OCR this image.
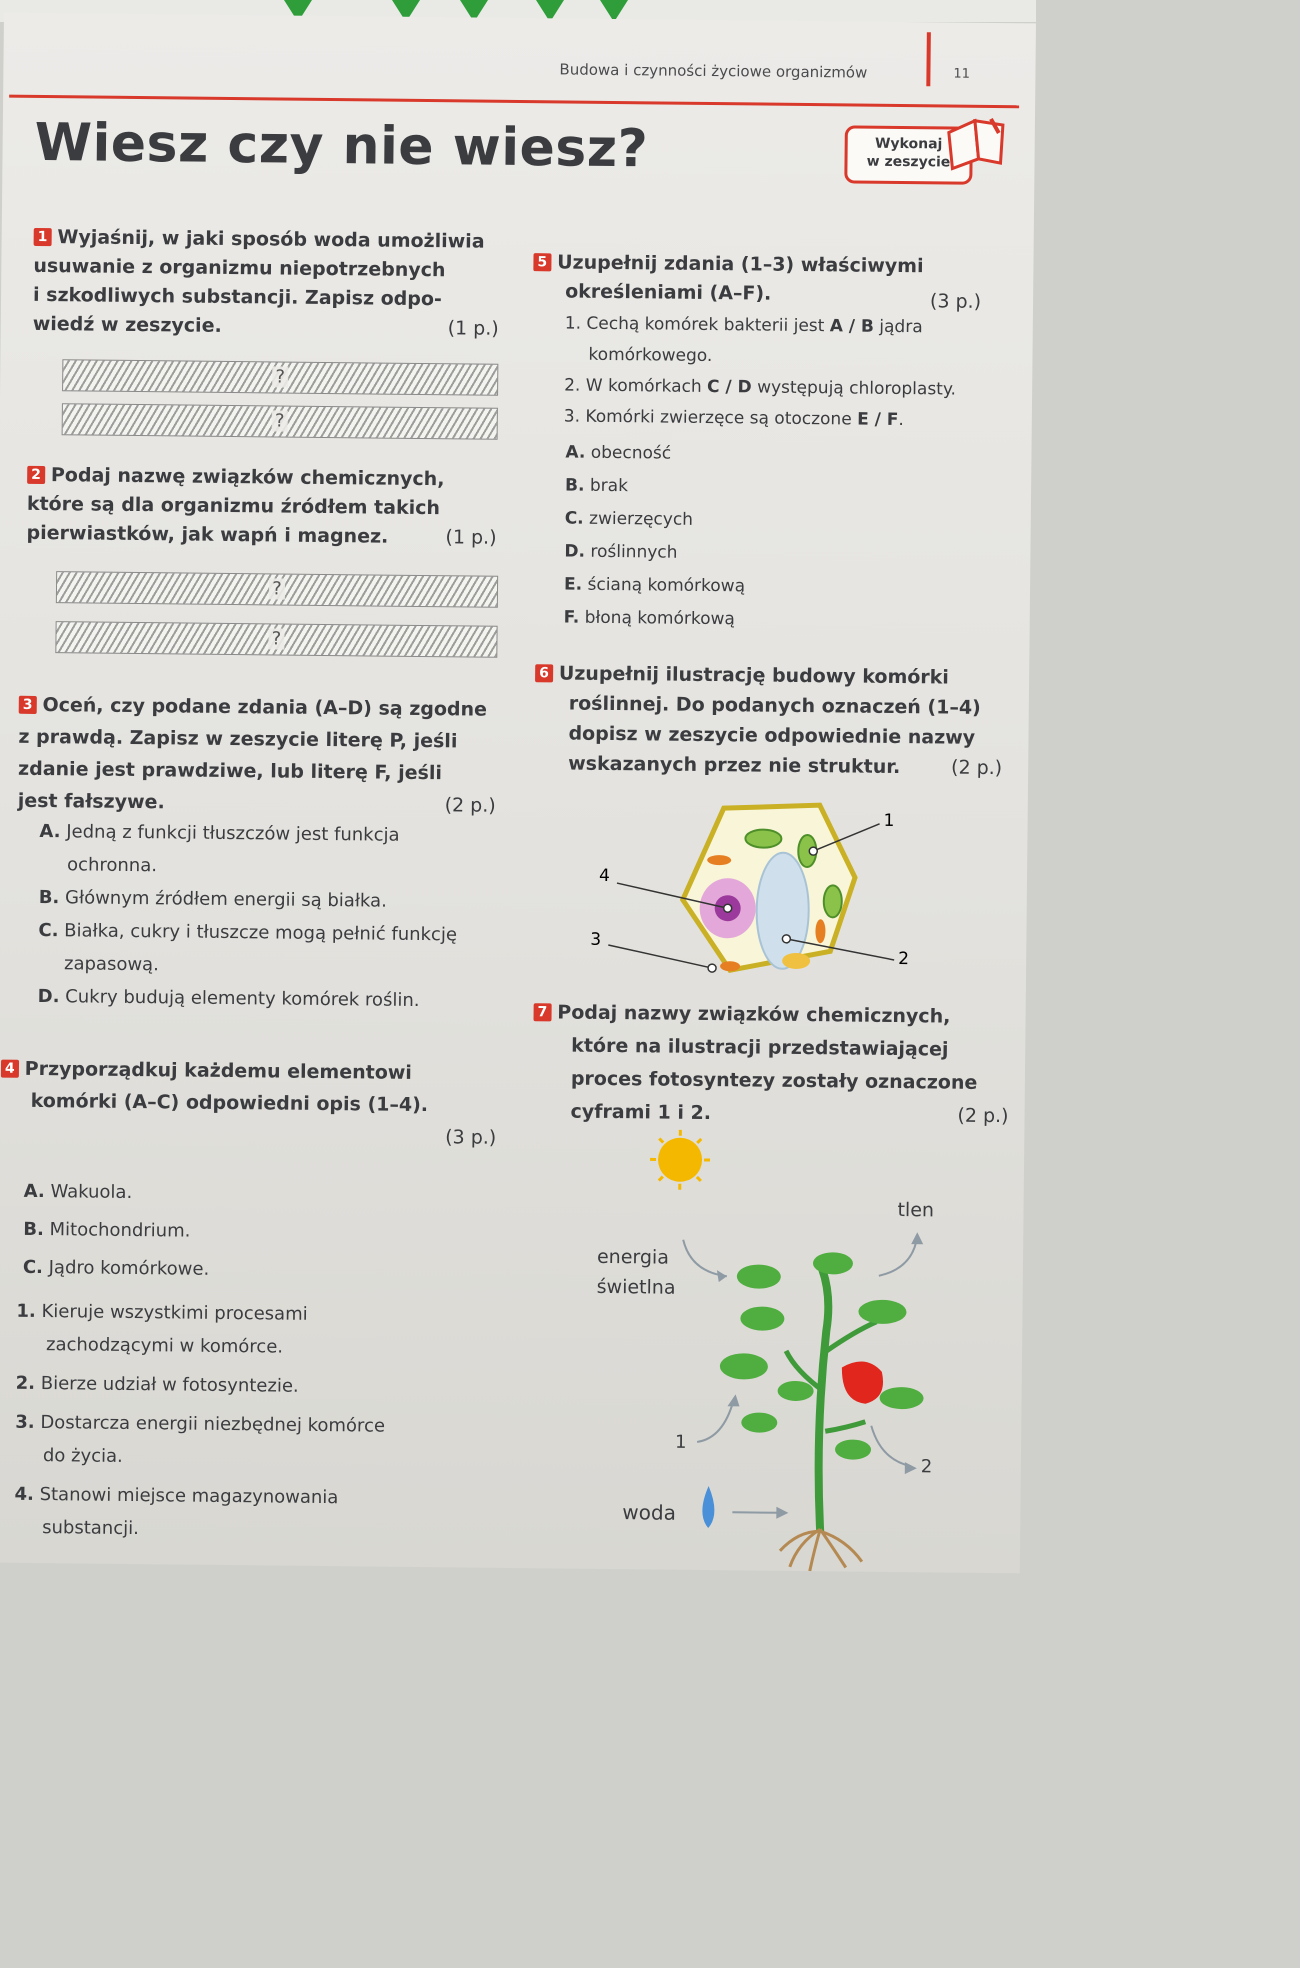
Budowa i czynności życiowe organizmów	11
Wiesz czy nie wiesz?	Wykonaj
w zeszycie
1 Wyjaśnij, w jaki sposób woda umożliwia
usuwanie z organizmu niepotrzebnych
i szkodliwych substancji. Zapisz odpo-
wiedź w zeszycie.	(1 p.)
?
?
2 Podaj nazwę związków chemicznych,
które są dla organizmu źródłem takich
pierwiastków, jak wapń i magnez.	(1 p.)
?
?
3 Oceń, czy podane zdania (A–D) są zgodne
z prawdą. Zapisz w zeszycie literę P, jeśli
zdanie jest prawdziwe, lub literę F, jeśli
jest fałszywe.	(2 p.)
A. Jedną z funkcji tłuszczów jest funkcja
ochronna.
B. Głównym źródłem energii są białka.
C. Białka, cukry i tłuszcze mogą pełnić funkcję
zapasową.
D. Cukry budują elementy komórek roślin.
4 Przyporządkuj każdemu elementowi
komórki (A–C) odpowiedni opis (1–4).
(3 p.)
A. Wakuola.
B. Mitochondrium.
C. Jądro komórkowe.
1. Kieruje wszystkimi procesami
zachodzącymi w komórce.
2. Bierze udział w fotosyntezie.
3. Dostarcza energii niezbędnej komórce
do życia.
4. Stanowi miejsce magazynowania
substancji.
5 Uzupełnij zdania (1–3) właściwymi
określeniami (A–F).	(3 p.)
1. Cechą komórek bakterii jest A / B jądra
komórkowego.
2. W komórkach C / D występują chloroplasty.
3. Komórki zwierzęce są otoczone E / F.
A. obecność
B. brak
C. zwierzęcych
D. roślinnych
E. ścianą komórkową
F. błoną komórkową
6 Uzupełnij ilustrację budowy komórki
roślinnej. Do podanych oznaczeń (1–4)
dopisz w zeszycie odpowiednie nazwy
wskazanych przez nie struktur.	(2 p.)
1
2
3
4
7 Podaj nazwy związków chemicznych,
które na ilustracji przedstawiającej
proces fotosyntezy zostały oznaczone
cyframi 1 i 2.	(2 p.)
energia
świetlna
tlen
1
2
woda
